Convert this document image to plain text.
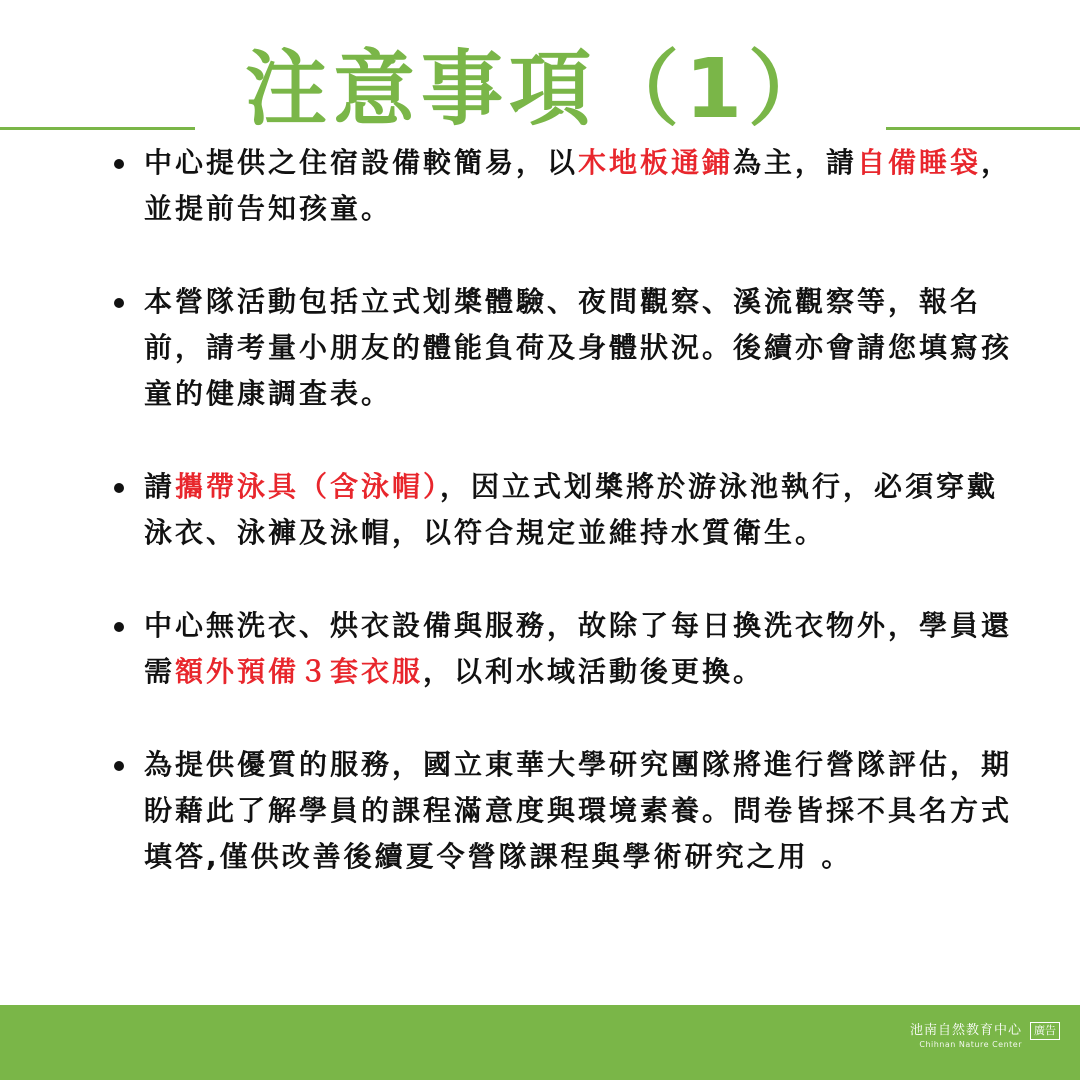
注意事項（1）
中心提供之住宿設備較簡易，以木地板通鋪為主，請自備睡袋，並提前告知孩童。
本營隊活動包括立式划槳體驗、夜間觀察、溪流觀察等，報名前，請考量小朋友的體能負荷及身體狀況。後續亦會請您填寫孩童的健康調查表。
請攜帶泳具（含泳帽），因立式划槳將於游泳池執行，必須穿戴泳衣、泳褲及泳帽，以符合規定並維持水質衛生。
中心無洗衣、烘衣設備與服務，故除了每日換洗衣物外，學員還需額外預備３套衣服，以利水域活動後更換。
為提供優質的服務，國立東華大學研究團隊將進行營隊評估，期盼藉此了解學員的課程滿意度與環境素養。問卷皆採不具名方式填答,僅供改善後續夏令營隊課程與學術研究之用 。
池南自然教育中心
Chihnan Nature Center
廣告
